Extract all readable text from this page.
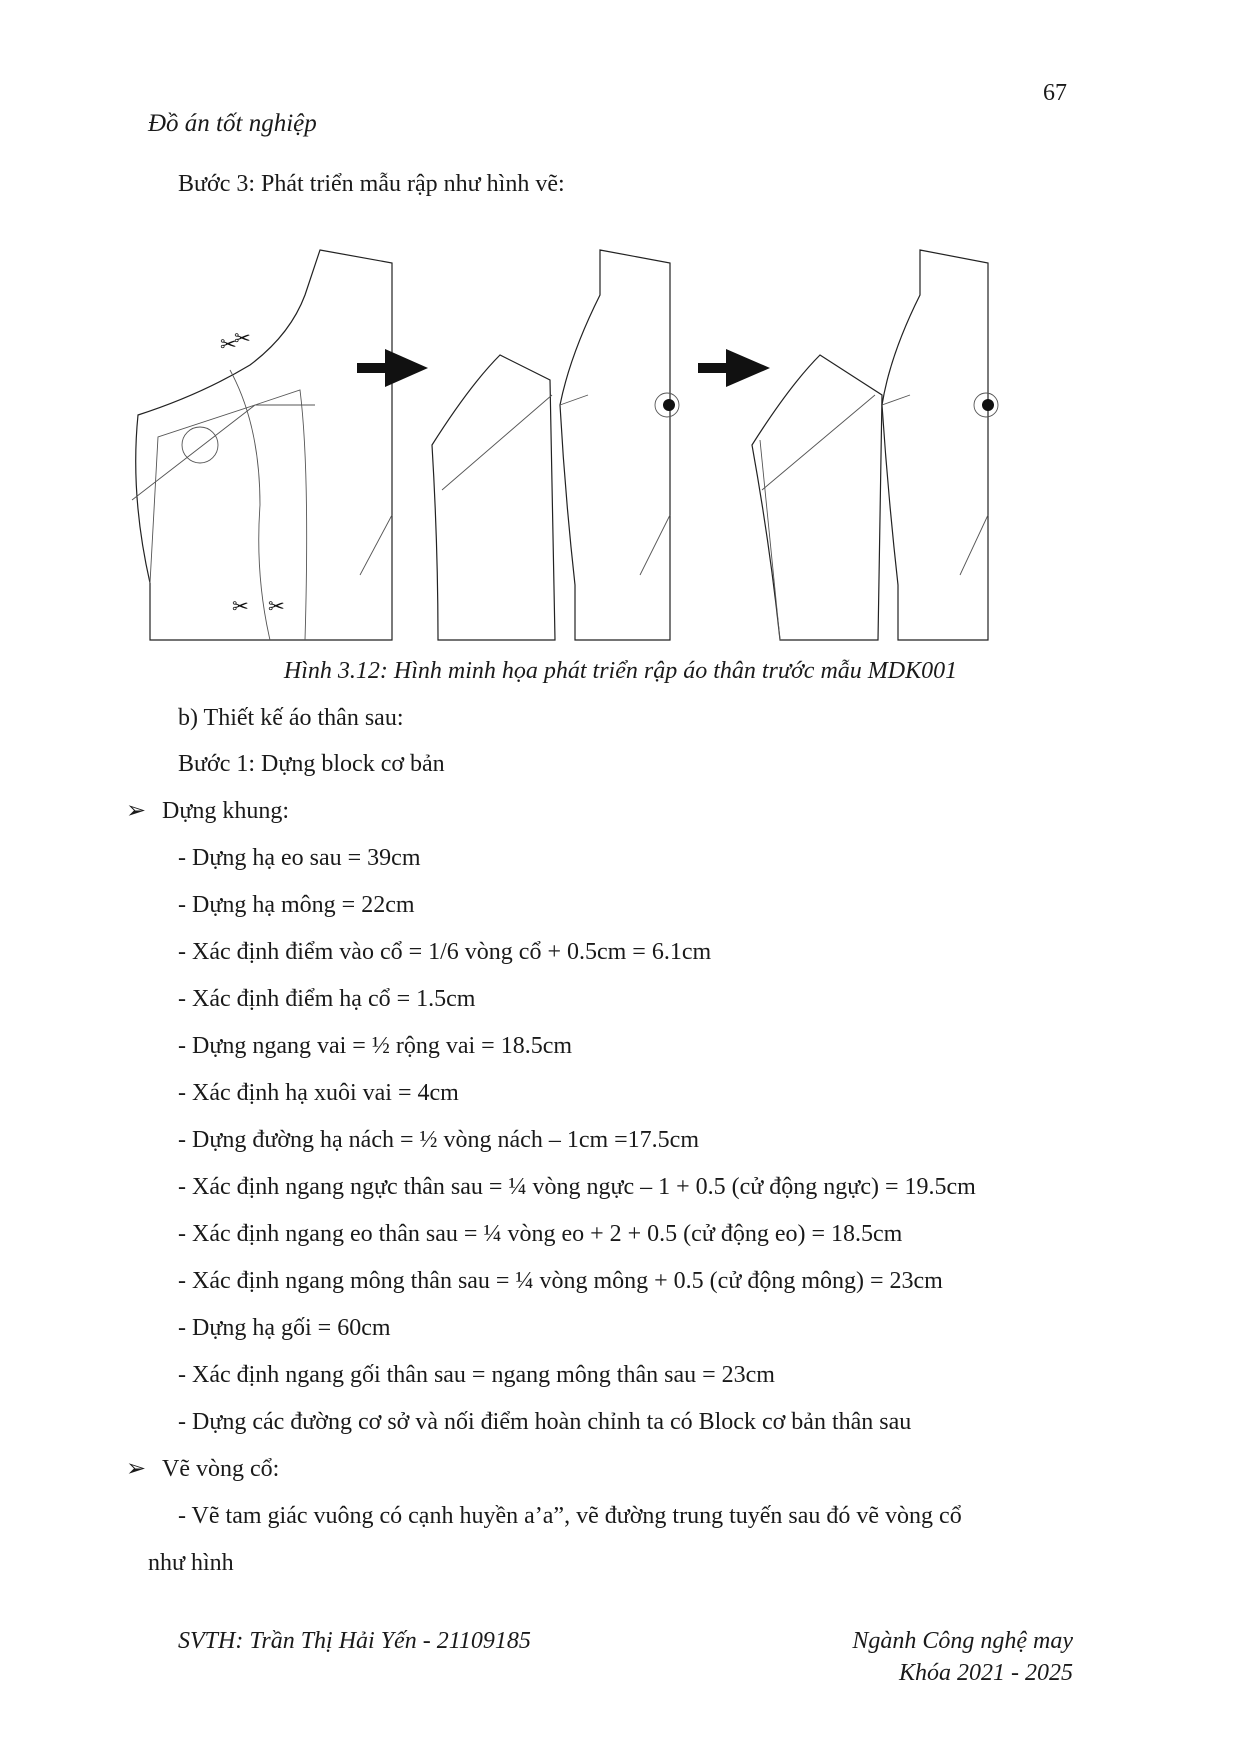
67
Đồ án tốt nghiệp
Bước 3: Phát triển mẫu rập như hình vẽ:
✂
✂
✂ ✂
Hình 3.12: Hình minh họa phát triển rập áo thân trước mẫu MDK001
b) Thiết kế áo thân sau:
Bước 1: Dựng block cơ bản
➢ Dựng khung:
- Dựng hạ eo sau = 39cm
- Dựng hạ mông = 22cm
- Xác định điểm vào cổ = 1/6 vòng cổ + 0.5cm = 6.1cm
- Xác định điểm hạ cổ = 1.5cm
- Dựng ngang vai = ½ rộng vai = 18.5cm
- Xác định hạ xuôi vai = 4cm
- Dựng đường hạ nách = ½ vòng nách – 1cm =17.5cm
- Xác định ngang ngực thân sau = ¼ vòng ngực – 1 + 0.5 (cử động ngực) = 19.5cm
- Xác định ngang eo thân sau = ¼ vòng eo + 2 + 0.5 (cử động eo) = 18.5cm
- Xác định ngang mông thân sau = ¼ vòng mông + 0.5 (cử động mông) = 23cm
- Dựng hạ gối = 60cm
- Xác định ngang gối thân sau = ngang mông thân sau = 23cm
- Dựng các đường cơ sở và nối điểm hoàn chỉnh ta có Block cơ bản thân sau
➢ Vẽ vòng cổ:
- Vẽ tam giác vuông có cạnh huyền a’a”, vẽ đường trung tuyến sau đó vẽ vòng cổ
như hình
SVTH: Trần Thị Hải Yến - 21109185	Ngành Công nghệ may
Khóa 2021 - 2025
